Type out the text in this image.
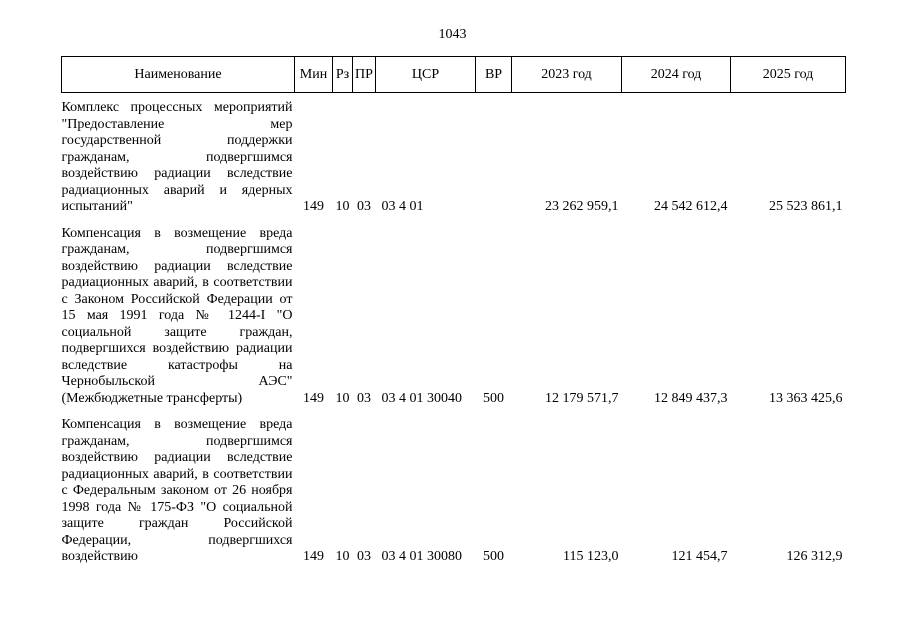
1043
Наименование	Мин	Рз	ПР	ЦСР	ВР	2023 год	2024 год	2025 год

Комплекс процессных мероприятий "Предоставление мер государственной поддержки гражданам, подвергшимся воздействию радиации вследствие радиационных аварий и ядерных испытаний"	149	10	03	03 4 01		23 262 959,1	24 542 612,4	25 523 861,1
Компенсация в возмещение вреда гражданам, подвергшимся воздействию радиации вследствие радиационных аварий, в соответствии с Законом Российской Федерации от 15 мая 1991 года № 1244-I "О социальной защите граждан, подвергшихся воздействию радиации вследствие катастрофы на Чернобыльской АЭС" (Межбюджетные трансферты)	149	10	03	03 4 01 30040	500	12 179 571,7	12 849 437,3	13 363 425,6
Компенсация в возмещение вреда гражданам, подвергшимся воздействию радиации вследствие радиационных аварий, в соответствии с Федеральным законом от 26 ноября 1998 года № 175-ФЗ "О социальной защите граждан Российской Федерации, подвергшихся воздействию	149	10	03	03 4 01 30080	500	115 123,0	121 454,7	126 312,9
